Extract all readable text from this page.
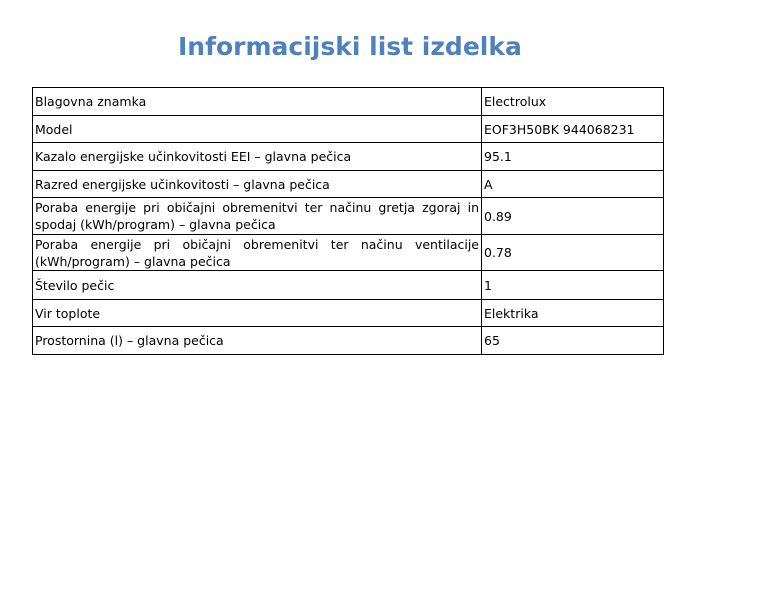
Informacijski list izdelka
Blagovna znamka	Electrolux
Model	EOF3H50BK 944068231
Kazalo energijske učinkovitosti EEI – glavna pečica	95.1
Razred energijske učinkovitosti – glavna pečica	A
Poraba energije pri običajni obremenitvi ter načinu gretja zgoraj in spodaj (kWh/program) – glavna pečica	0.89
Poraba energije pri običajni obremenitvi ter načinu ventilacije (kWh/program) – glavna pečica	0.78
Število pečic	1
Vir toplote	Elektrika
Prostornina (l) – glavna pečica	65
